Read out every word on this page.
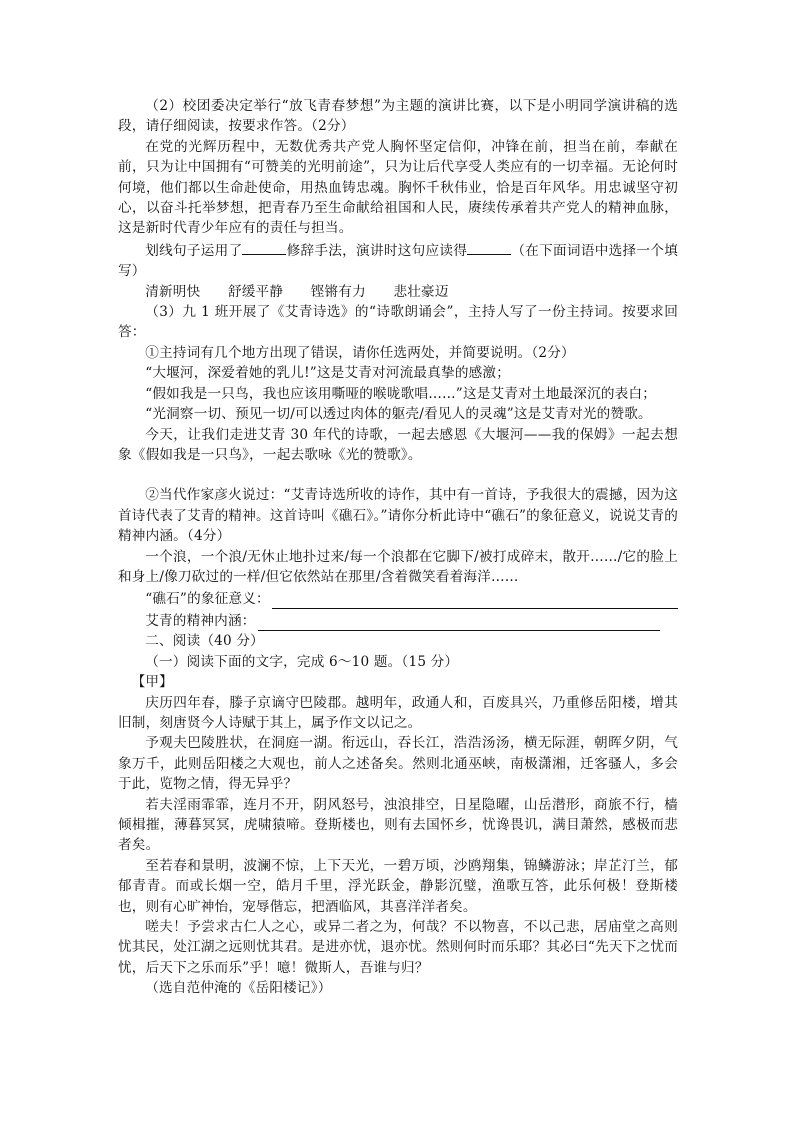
（2）校团委决定举行“放飞青春梦想”为主题的演讲比赛，以下是小明同学演讲稿的选段，请仔细阅读，按要求作答。（2分）

在党的光辉历程中，无数优秀共产党人胸怀坚定信仰，冲锋在前，担当在前，奉献在前，只为让中国拥有“可赞美的光明前途”，只为让后代享受人类应有的一切幸福。无论何时何境，他们都以生命赴使命，用热血铸忠魂。胸怀千秋伟业，恰是百年风华。用忠诚坚守初心，以奋斗托举梦想，把青春乃至生命献给祖国和人民，赓续传承着共产党人的精神血脉，这是新时代青少年应有的责任与担当。

划线句子运用了	修辞手法，演讲时这句应读得	（在下面词语中选择一个填写）

清新明快　　舒缓平静　　铿锵有力　　悲壮豪迈

（3）九 1 班开展了《艾青诗选》的“诗歌朗诵会”，主持人写了一份主持词。按要求回答：

①主持词有几个地方出现了错误，请你任选两处，并简要说明。（2分）

“大堰河，深爱着她的乳儿!”这是艾青对河流最真挚的感激；

“假如我是一只鸟，我也应该用嘶哑的喉咙歌唱……”这是艾青对土地最深沉的表白；

“光洞察一切、预见一切/可以透过肉体的躯壳/看见人的灵魂”这是艾青对光的赞歌。

今天，让我们走进艾青 30 年代的诗歌，一起去感恩《大堰河——我的保姆》一起去想象《假如我是一只鸟》，一起去歌咏《光的赞歌》。

②当代作家彦火说过：“艾青诗选所收的诗作，其中有一首诗，予我很大的震撼，因为这首诗代表了艾青的精神。这首诗叫《礁石》。”请你分析此诗中“礁石”的象征意义，说说艾青的精神内涵。（4分）

一个浪，一个浪/无休止地扑过来/每一个浪都在它脚下/被打成碎末，散开……/它的脸上和身上/像刀砍过的一样/但它依然站在那里/含着微笑看着海洋……

“礁石”的象征意义：
艾青的精神内涵：

二、阅读（40 分）

（一）阅读下面的文字，完成 6～10 题。（15 分）

【甲】

庆历四年春，滕子京谪守巴陵郡。越明年，政通人和，百废具兴，乃重修岳阳楼，增其旧制，刻唐贤今人诗赋于其上，属予作文以记之。

予观夫巴陵胜状，在洞庭一湖。衔远山，吞长江，浩浩汤汤，横无际涯，朝晖夕阴，气象万千，此则岳阳楼之大观也，前人之述备矣。然则北通巫峡，南极潇湘，迁客骚人，多会于此，览物之情，得无异乎？

若夫淫雨霏霏，连月不开，阴风怒号，浊浪排空，日星隐曜，山岳潜形，商旅不行，樯倾楫摧，薄暮冥冥，虎啸猿啼。登斯楼也，则有去国怀乡，忧谗畏讥，满目萧然，感极而悲者矣。

至若春和景明，波澜不惊，上下天光，一碧万顷，沙鸥翔集，锦鳞游泳；岸芷汀兰，郁郁青青。而或长烟一空，皓月千里，浮光跃金，静影沉璧，渔歌互答，此乐何极！登斯楼也，则有心旷神怡，宠辱偕忘，把酒临风，其喜洋洋者矣。

嗟夫！予尝求古仁人之心，或异二者之为，何哉？不以物喜，不以己悲，居庙堂之高则忧其民，处江湖之远则忧其君。是进亦忧，退亦忧。然则何时而乐耶？其必曰“先天下之忧而忧，后天下之乐而乐”乎！噫！微斯人，吾谁与归？

（选自范仲淹的《岳阳楼记》）
